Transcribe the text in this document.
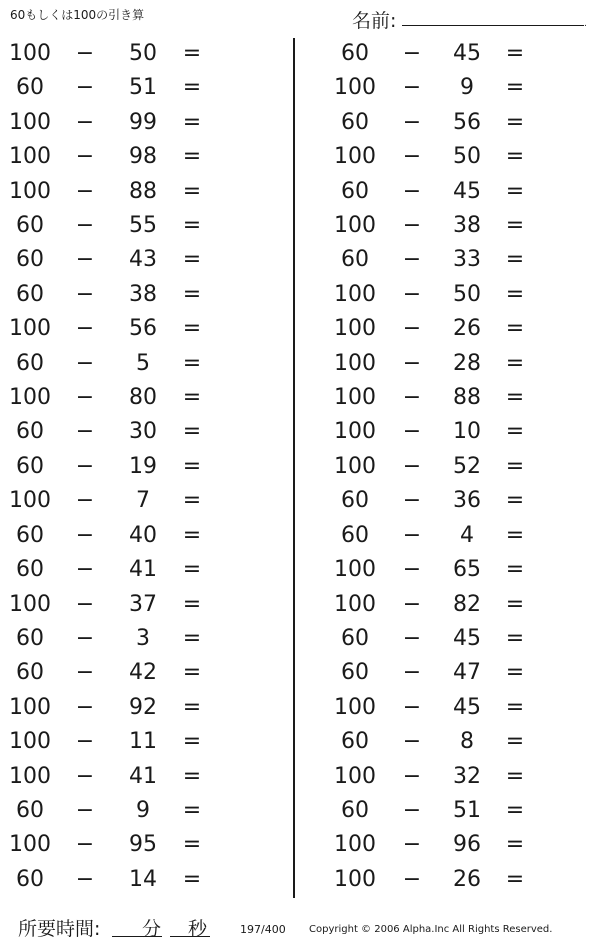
60もしくは100の引き算	名前:	.
100	−	50	=
60	−	51	=
100	−	99	=
100	−	98	=
100	−	88	=
60	−	55	=
60	−	43	=
60	−	38	=
100	−	56	=
60	−	5	=
100	−	80	=
60	−	30	=
60	−	19	=
100	−	7	=
60	−	40	=
60	−	41	=
100	−	37	=
60	−	3	=
60	−	42	=
100	−	92	=
100	−	11	=
100	−	41	=
60	−	9	=
100	−	95	=
60	−	14	=
60	−	45	=
100	−	9	=
60	−	56	=
100	−	50	=
60	−	45	=
100	−	38	=
60	−	33	=
100	−	50	=
100	−	26	=
100	−	28	=
100	−	88	=
100	−	10	=
100	−	52	=
60	−	36	=
60	−	4	=
100	−	65	=
100	−	82	=
60	−	45	=
60	−	47	=
100	−	45	=
60	−	8	=
100	−	32	=
60	−	51	=
100	−	96	=
100	−	26	=
所要時間: 分 秒	197/400 Copyright © 2006 Alpha.Inc All Rights Reserved.
